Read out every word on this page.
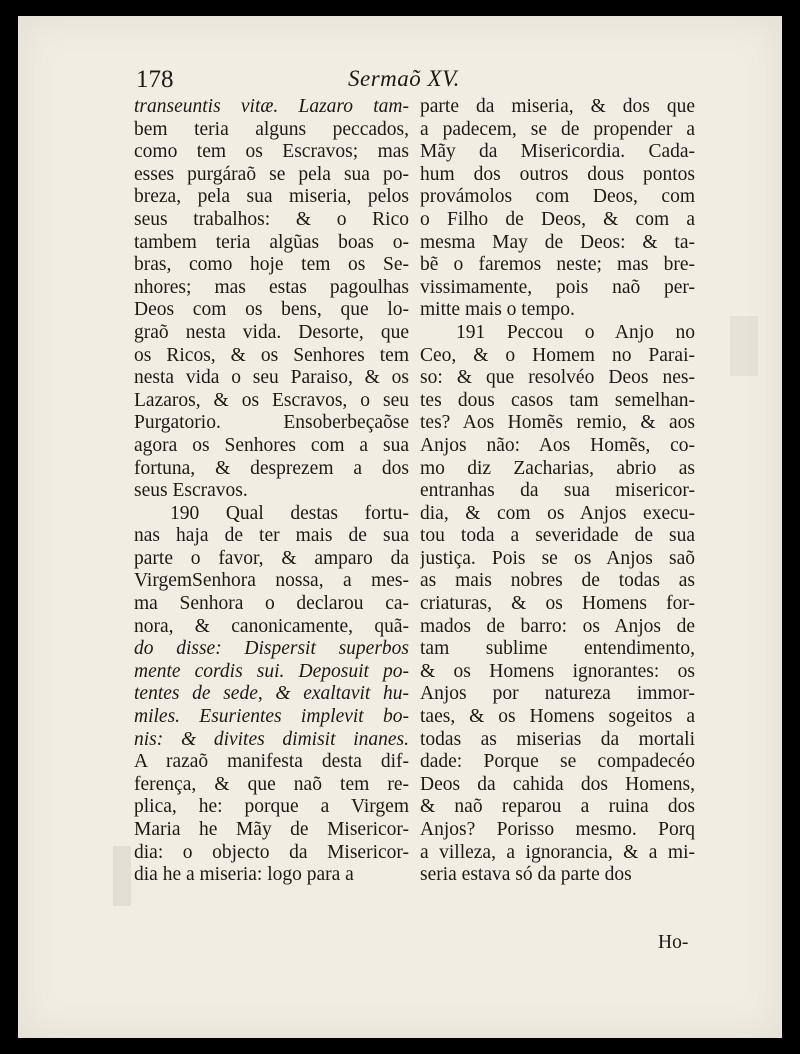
178	Sermaõ XV.
transeuntis vitæ. Lazaro tam-
bem teria alguns peccados,
como tem os Escravos; mas
esses purgáraõ se pela sua po-
breza, pela sua miseria, pelos
seus trabalhos: & o Rico
tambem teria algũas boas o-
bras, como hoje tem os Se-
nhores; mas estas pagoulhas
Deos com os bens, que lo-
graõ nesta vida. Desorte, que
os Ricos, & os Senhores tem
nesta vida o seu Paraiso, & os
Lazaros, & os Escravos, o seu
Purgatorio. Ensoberbeçaõse
agora os Senhores com a sua
fortuna, & desprezem a dos
seus Escravos.
190 Qual destas fortu-
nas haja de ter mais de sua
parte o favor, & amparo da
VirgemSenhora nossa, a mes-
ma Senhora o declarou ca-
nora, & canonicamente, quã-
do disse: Dispersit superbos
mente cordis sui. Deposuit po-
tentes de sede, & exaltavit hu-
miles. Esurientes implevit bo-
nis: & divites dimisit inanes.
A razaõ manifesta desta dif-
ferença, & que naõ tem re-
plica, he: porque a Virgem
Maria he Mãy de Misericor-
dia: o objecto da Misericor-
dia he a miseria: logo para a
parte da miseria, & dos que
a padecem, se de propender a
Mãy da Misericordia. Cada-
hum dos outros dous pontos
provámolos com Deos, com
o Filho de Deos, & com a
mesma May de Deos: & ta-
bẽ o faremos neste; mas bre-
vissimamente, pois naõ per-
mitte mais o tempo.
191 Peccou o Anjo no
Ceo, & o Homem no Parai-
so: & que resolvéo Deos nes-
tes dous casos tam semelhan-
tes? Aos Homẽs remio, & aos
Anjos não: Aos Homẽs, co-
mo diz Zacharias, abrio as
entranhas da sua misericor-
dia, & com os Anjos execu-
tou toda a severidade de sua
justiça. Pois se os Anjos saõ
as mais nobres de todas as
criaturas, & os Homens for-
mados de barro: os Anjos de
tam sublime entendimento,
& os Homens ignorantes: os
Anjos por natureza immor-
taes, & os Homens sogeitos a
todas as miserias da mortali
dade: Porque se compadecéo
Deos da cahida dos Homens,
& naõ reparou a ruina dos
Anjos? Porisso mesmo. Porq
a villeza, a ignorancia, & a mi-
seria estava só da parte dos
Ho-
